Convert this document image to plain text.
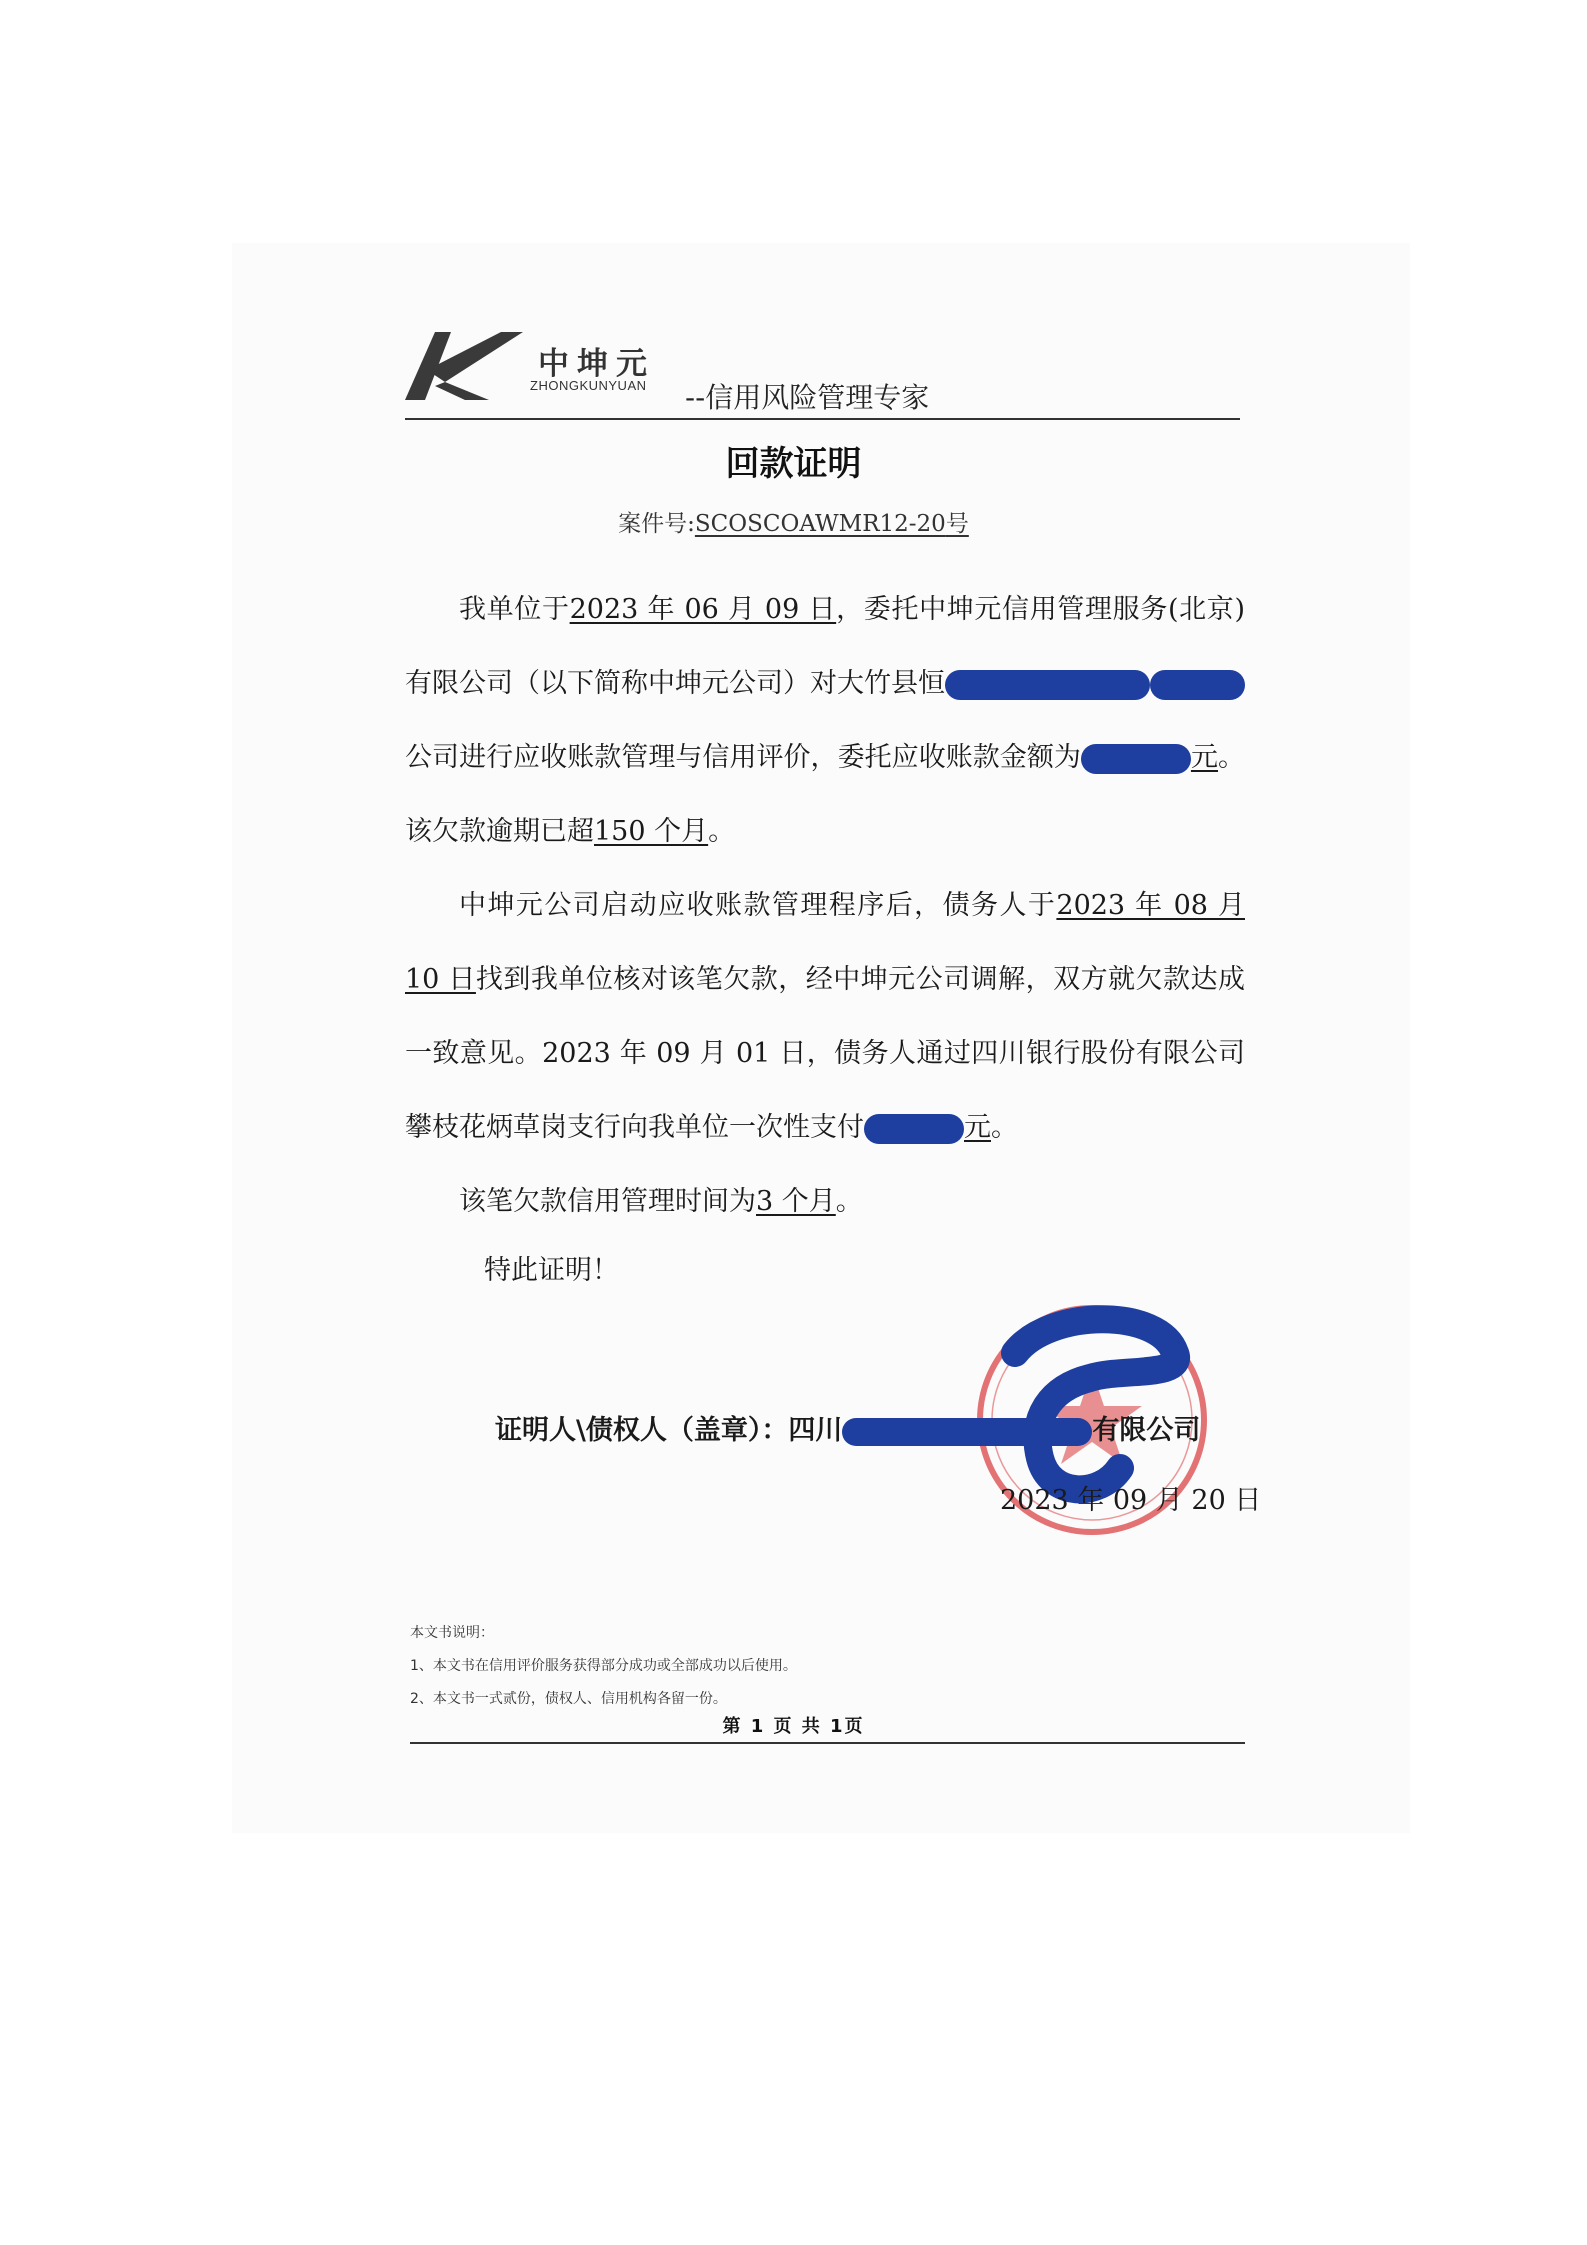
中坤元
ZHONGKUNYUAN --信用风险管理专家
回款证明
案件号:SCOSCOAWMR12-20号

我单位于2023 年 06 月 09 日，委托中坤元信用管理服务(北京)有限公司（以下简称中坤元公司）对大竹县恒公司进行应收账款管理与信用评价，委托应收账款金额为	元。该欠款逾期已超150 个月。

中坤元公司启动应收账款管理程序后，债务人于2023 年 08 月 10 日找到我单位核对该笔欠款，经中坤元公司调解，双方就欠款达成一致意见。2023 年 09 月 01 日，债务人通过四川银行股份有限公司攀枝花炳草岗支行向我单位一次性支付	元。

该笔欠款信用管理时间为3 个月。

特此证明！
证明人\债权人（盖章）：四川	有限公司
2023 年 09 月 20 日
本文书说明：
1、本文书在信用评价服务获得部分成功或全部成功以后使用。
2、本文书一式贰份，债权人、信用机构各留一份。
第 1 页 共 1页
